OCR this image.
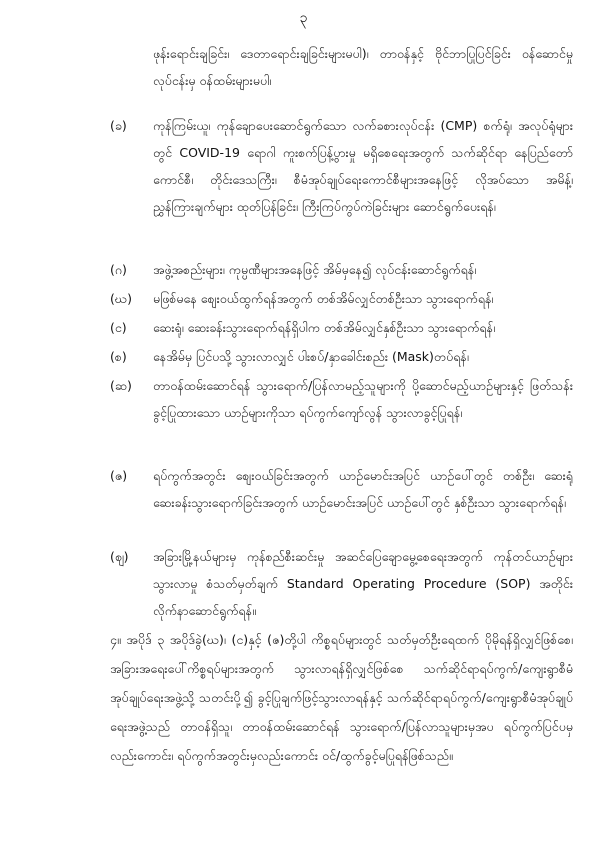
၃
ဖုန်းရောင်းချခြင်း၊ ဒေတာရောင်းချခြင်းများမပါ)၊ တာဝန်နှင့် ဗိုင်ဘာပြုပြင်ခြင်း ဝန်ဆောင်မှုလုပ်ငန်းမှ ဝန်ထမ်းများမပါ၊
(ခ)	ကုန်ကြမ်းယူ၊ ကုန်ချောပေးဆောင်ရွက်သော လက်ခစားလုပ်ငန်း (CMP) စက်ရုံ၊ အလုပ်ရုံများတွင် COVID-19 ရောဂါ ကူးစက်ပြန့်ပွားမှု မရှိစေရေးအတွက် သက်ဆိုင်ရာ နေပြည်တော်ကောင်စီ၊ တိုင်းဒေသကြီး၊ စီမံအုပ်ချုပ်ရေးကောင်စီများအနေဖြင့် လိုအပ်သော အမိန့်၊ ညွှန်ကြားချက်များ ထုတ်ပြန်ခြင်း၊ ကြီးကြပ်ကွပ်ကဲခြင်းများ ဆောင်ရွက်ပေးရန်၊
(ဂ)	အဖွဲ့အစည်းများ၊ ကုမ္ပဏီများအနေဖြင့် အိမ်မှနေ၍ လုပ်ငန်းဆောင်ရွက်ရန်၊
(ဃ)	မဖြစ်မနေ စျေးဝယ်ထွက်ရန်အတွက် တစ်အိမ်လျှင်တစ်ဦးသာ သွားရောက်ရန်၊
(င)	ဆေးရုံ၊ ဆေးခန်းသွားရောက်ရန်ရှိပါက တစ်အိမ်လျှင်နှစ်ဦးသာ သွားရောက်ရန်၊
(စ)	နေအိမ်မှ ပြင်ပသို့ သွားလာလျှင် ပါးစပ်/နှာခေါင်းစည်း (Mask)တပ်ရန်၊
(ဆ)	တာဝန်ထမ်းဆောင်ရန် သွားရောက်/ပြန်လာမည့်သူများကို ပို့ဆောင်မည့်ယာဉ်များနှင့် ဖြတ်သန်းခွင့်ပြုထားသော ယာဉ်များကိုသာ ရပ်ကွက်ကျော်လွန် သွားလာခွင့်ပြုရန်၊
(ဇ)	ရပ်ကွက်အတွင်း စျေးဝယ်ခြင်းအတွက် ယာဉ်မောင်းအပြင် ယာဉ်ပေါ်တွင် တစ်ဦး၊ ဆေးရုံဆေးခန်းသွားရောက်ခြင်းအတွက် ယာဉ်မောင်းအပြင် ယာဉ်ပေါ်တွင် နှစ်ဦးသာ သွားရောက်ရန်၊
(ဈ)	အခြားမြို့နယ်များမှ ကုန်စည်စီးဆင်းမှု အဆင်ပြေချောမွေ့စေရေးအတွက် ကုန်တင်ယာဉ်များသွားလာမှု စံသတ်မှတ်ချက် Standard Operating Procedure (SOP) အတိုင်း လိုက်နာဆောင်ရွက်ရန်။
၄။ အပိုဒ် ၃ အပိုဒ်ခွဲ(ဃ)၊ (င)နှင့် (ဇ)တို့ပါ ကိစ္စရပ်များတွင် သတ်မှတ်ဦးရေထက် ပိုမိုရန်ရှိလျှင်ဖြစ်စေ၊ အခြားအရေးပေါ်ကိစ္စရပ်များအတွက် သွားလာရန်ရှိလျှင်ဖြစ်စေ သက်ဆိုင်ရာရပ်ကွက်/ကျေးရွာစီမံအုပ်ချုပ်ရေးအဖွဲ့သို့ သတင်းပို့၍ ခွင့်ပြုချက်ဖြင့်သွားလာရန်နှင့် သက်ဆိုင်ရာရပ်ကွက်/ကျေးရွာစီမံအုပ်ချုပ်ရေးအဖွဲ့သည် တာဝန်ရှိသူ၊ တာဝန်ထမ်းဆောင်ရန် သွားရောက်/ပြန်လာသူများမှအပ ရပ်ကွက်ပြင်ပမှလည်းကောင်း၊ ရပ်ကွက်အတွင်းမှလည်းကောင်း ဝင်/ထွက်ခွင့်မပြုရန်ဖြစ်သည်။
